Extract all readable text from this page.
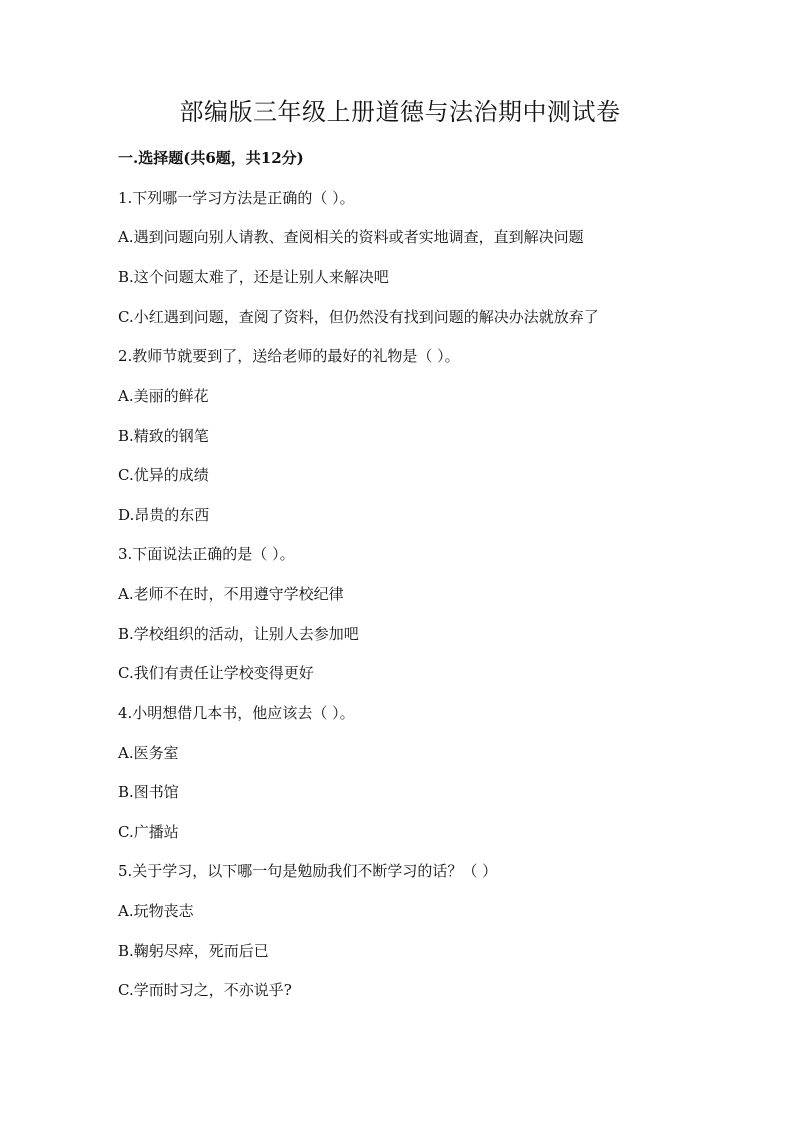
部编版三年级上册道德与法治期中测试卷
一.选择题(共6题，共12分)
1.下列哪一学习方法是正确的（ ）。
A.遇到问题向别人请教、查阅相关的资料或者实地调查，直到解决问题
B.这个问题太难了，还是让别人来解决吧
C.小红遇到问题，查阅了资料，但仍然没有找到问题的解决办法就放弃了
2.教师节就要到了，送给老师的最好的礼物是（ ）。
A.美丽的鲜花
B.精致的钢笔
C.优异的成绩
D.昂贵的东西
3.下面说法正确的是（ ）。
A.老师不在时，不用遵守学校纪律
B.学校组织的活动，让别人去参加吧
C.我们有责任让学校变得更好
4.小明想借几本书，他应该去（ ）。
A.医务室
B.图书馆
C.广播站
5.关于学习，以下哪一句是勉励我们不断学习的话？（ ）
A.玩物丧志
B.鞠躬尽瘁，死而后已
C.学而时习之，不亦说乎?
